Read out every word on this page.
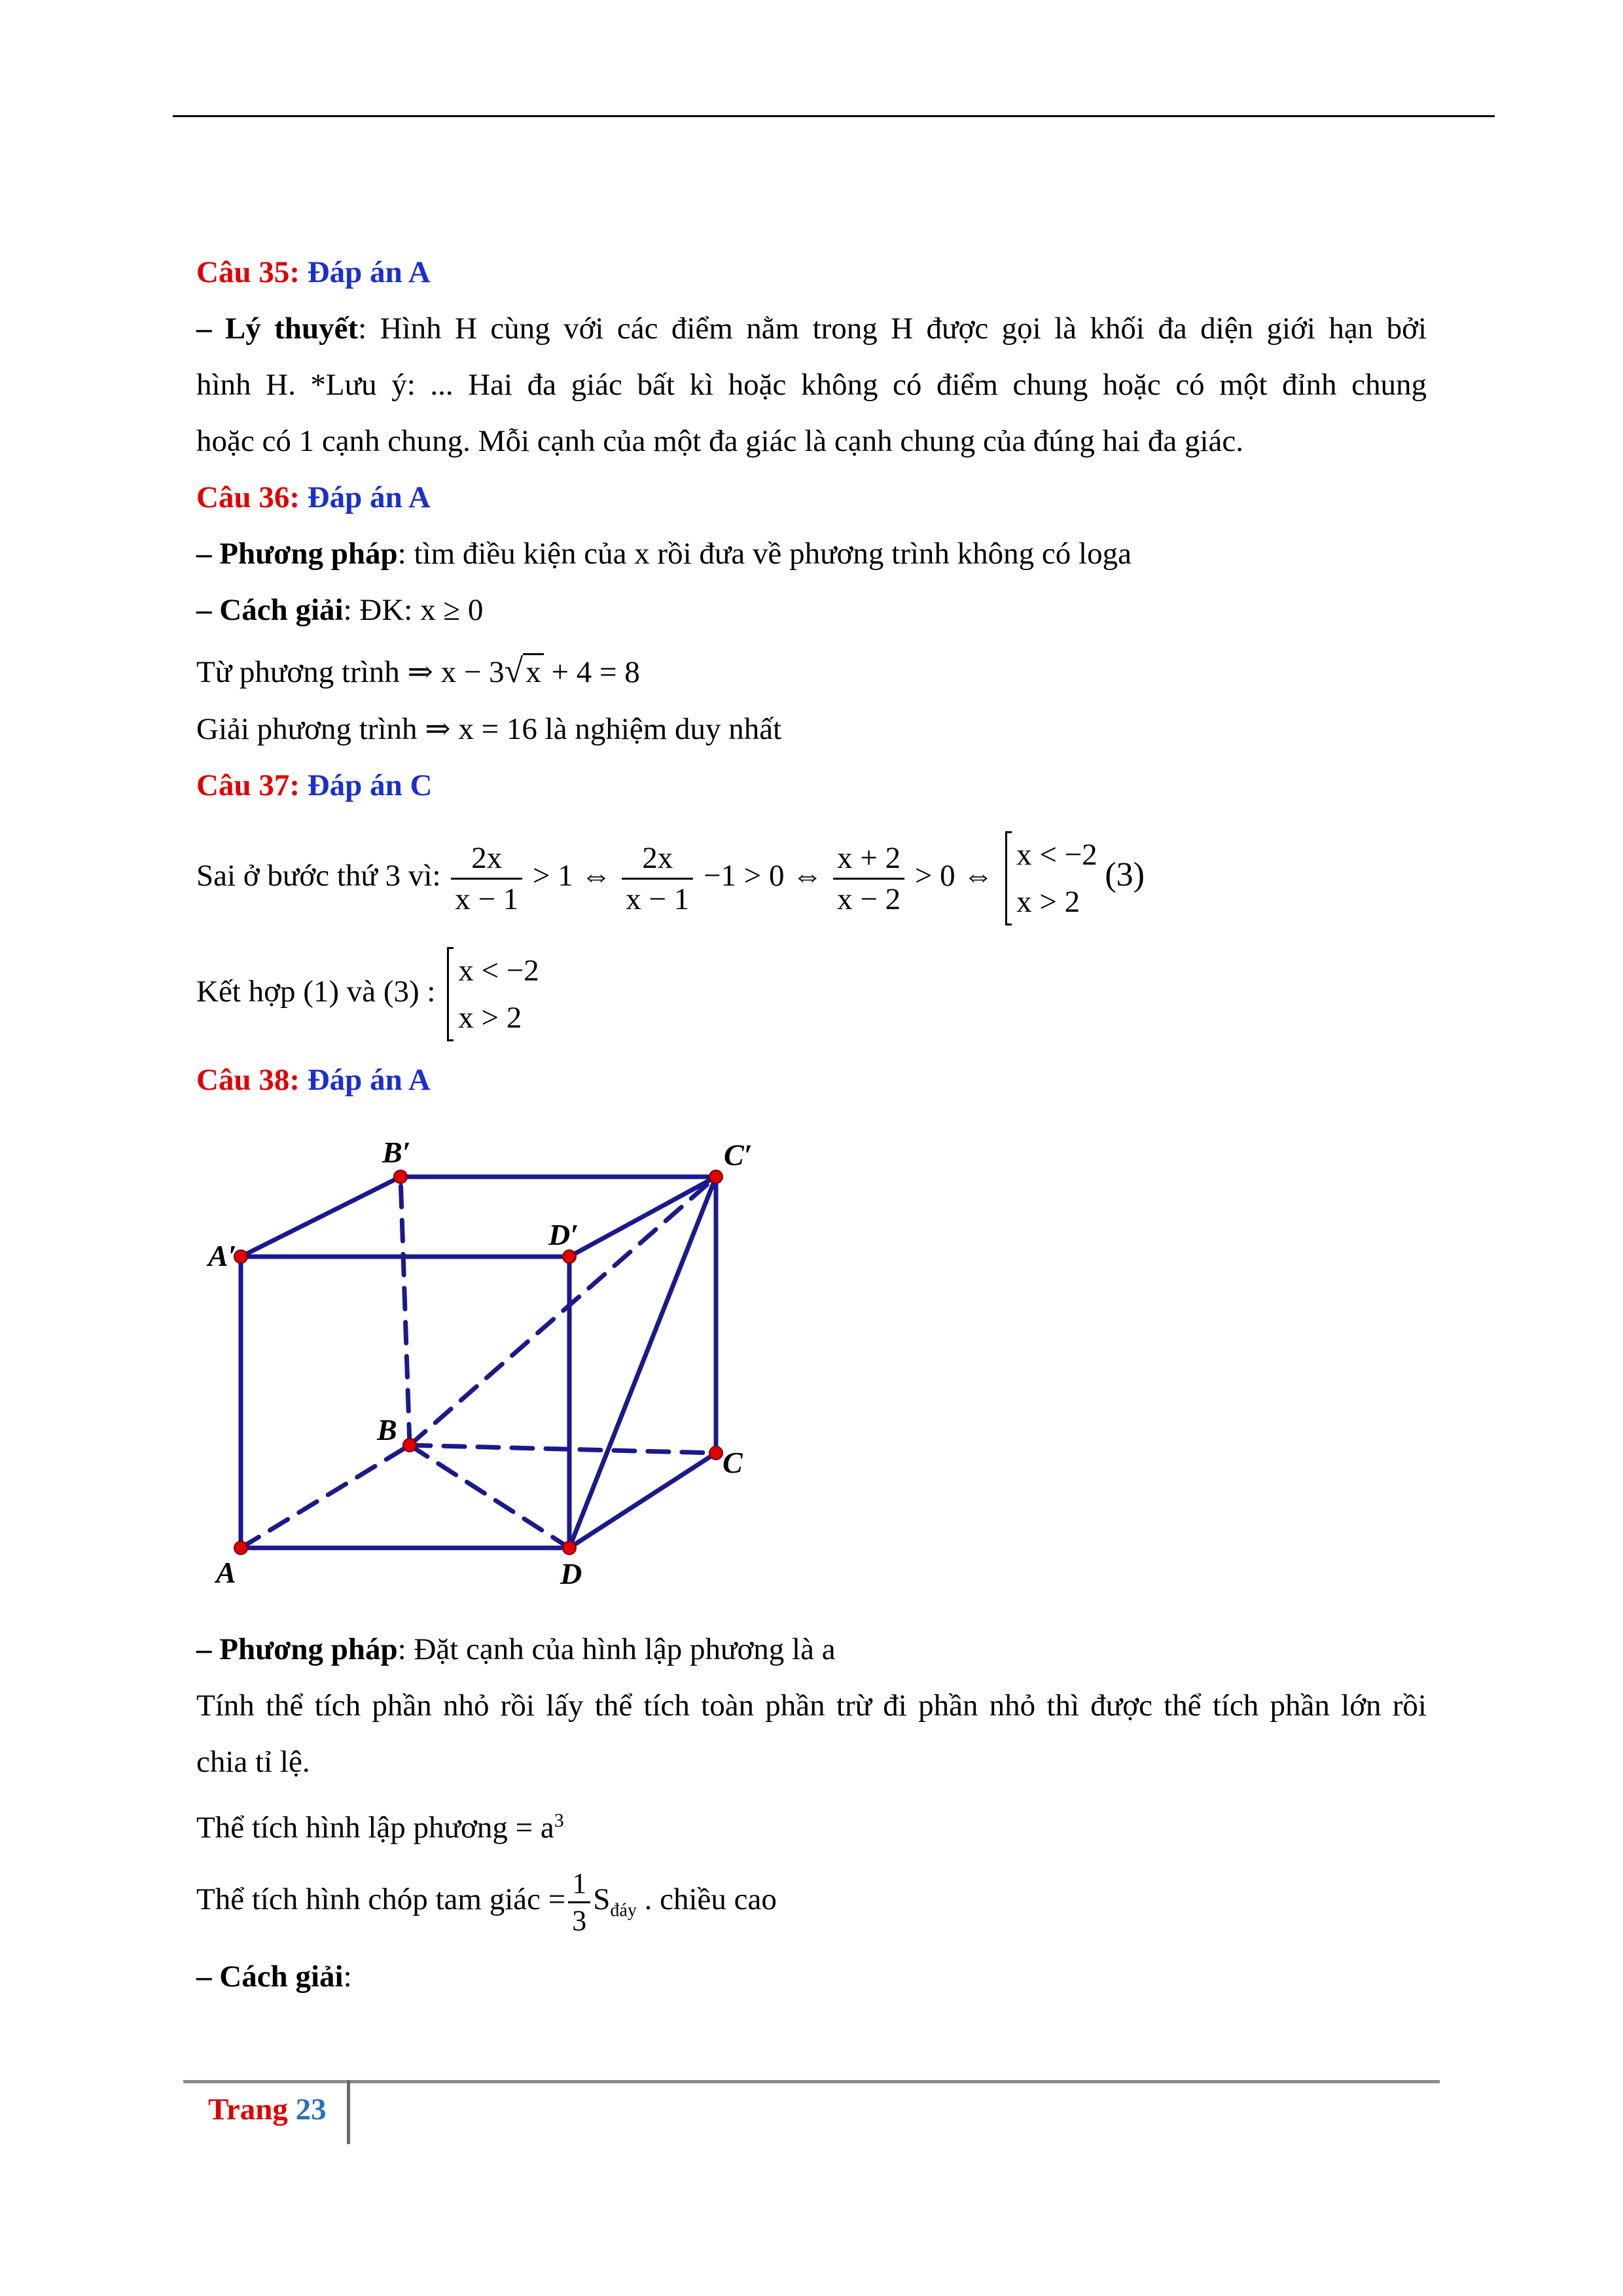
Câu 35: Đáp án A
– Lý thuyết: Hình H cùng với các điểm nằm trong H được gọi là khối đa diện giới hạn bởi
hình H. *Lưu ý: ... Hai đa giác bất kì hoặc không có điểm chung hoặc có một đỉnh chung
hoặc có 1 cạnh chung. Mỗi cạnh của một đa giác là cạnh chung của đúng hai đa giác.
Câu 36: Đáp án A
– Phương pháp: tìm điều kiện của x rồi đưa về phương trình không có loga
– Cách giải: ĐK: x ≥ 0
Từ phương trình ⇒ x − 3√x + 4 = 8
Giải phương trình ⇒ x = 16 là nghiệm duy nhất
Câu 37: Đáp án C
Sai ở bước thứ 3 vì: $\frac{2x}{x - 1} > 1$ ⇔ $\frac{2x}{x - 1} -1 > 0$ ⇔ $\frac{x + 2}{x - 2} > 0$ ⇔
x < −2
x > 2
(3)
Kết hợp (1) và (3) :
x < −2
x > 2
Câu 38: Đáp án A
A	D
C
B
A′
B′	C′
D′
– Phương pháp: Đặt cạnh của hình lập phương là a
Tính thể tích phần nhỏ rồi lấy thể tích toàn phần trừ đi phần nhỏ thì được thể tích phần lớn rồi
chia tỉ lệ.
Thể tích hình lập phương = $a^3$
Thể tích hình chóp tam giác = $\frac{1}{3} S_{đáy}$ . chiều cao
– Cách giải:
Trang 23
